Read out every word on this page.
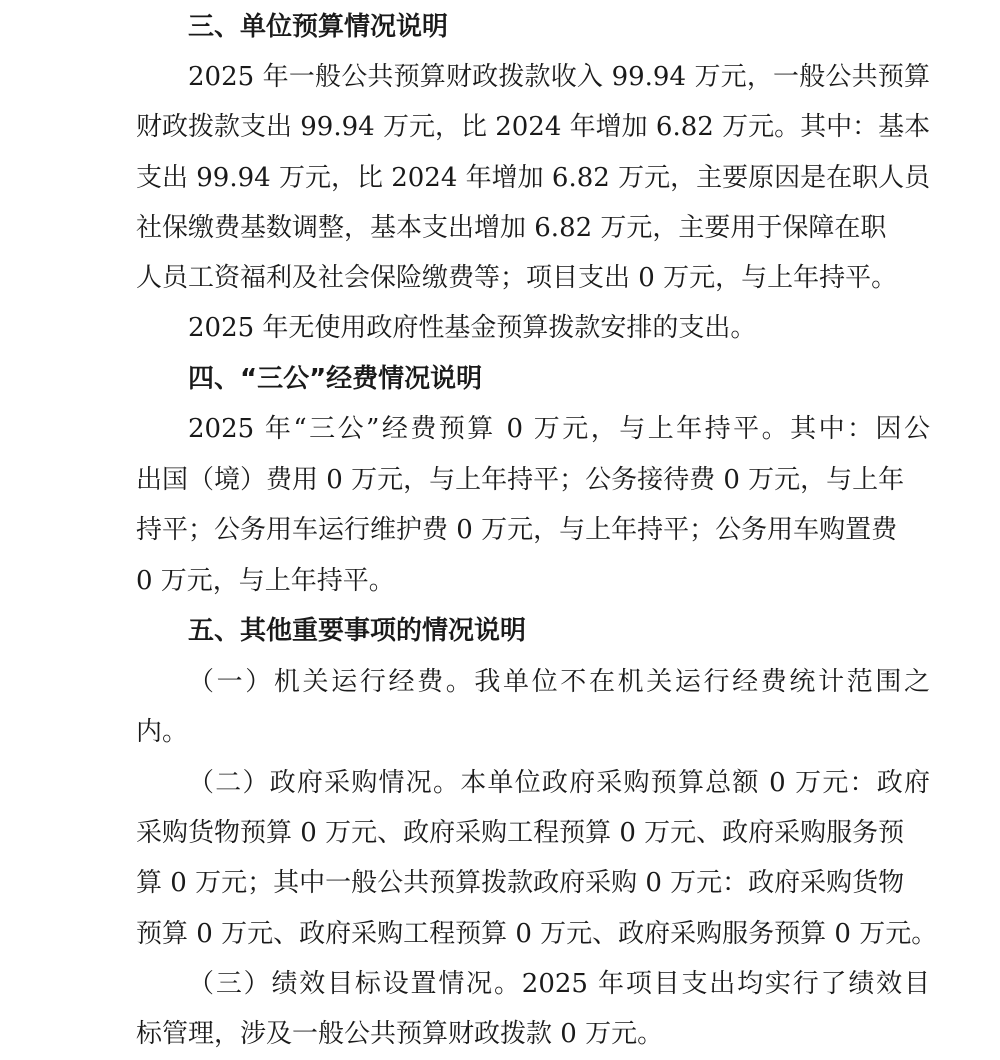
三、单位预算情况说明
2025 年一般公共预算财政拨款收入 99.94 万元，一般公共预算
财政拨款支出 99.94 万元，比 2024 年增加 6.82 万元。其中：基本
支出 99.94 万元，比 2024 年增加 6.82 万元，主要原因是在职人员
社保缴费基数调整，基本支出增加 6.82 万元，主要用于保障在职
人员工资福利及社会保险缴费等；项目支出 0 万元，与上年持平。
2025 年无使用政府性基金预算拨款安排的支出。
四、“三公”经费情况说明
2025 年“三公”经费预算 0 万元，与上年持平。其中：因公
出国（境）费用 0 万元，与上年持平；公务接待费 0 万元，与上年
持平；公务用车运行维护费 0 万元，与上年持平；公务用车购置费
0 万元，与上年持平。
五、其他重要事项的情况说明
（一）机关运行经费。我单位不在机关运行经费统计范围之
内。
（二）政府采购情况。本单位政府采购预算总额 0 万元：政府
采购货物预算 0 万元、政府采购工程预算 0 万元、政府采购服务预
算 0 万元；其中一般公共预算拨款政府采购 0 万元：政府采购货物
预算 0 万元、政府采购工程预算 0 万元、政府采购服务预算 0 万元。
（三）绩效目标设置情况。2025 年项目支出均实行了绩效目
标管理，涉及一般公共预算财政拨款 0 万元。
